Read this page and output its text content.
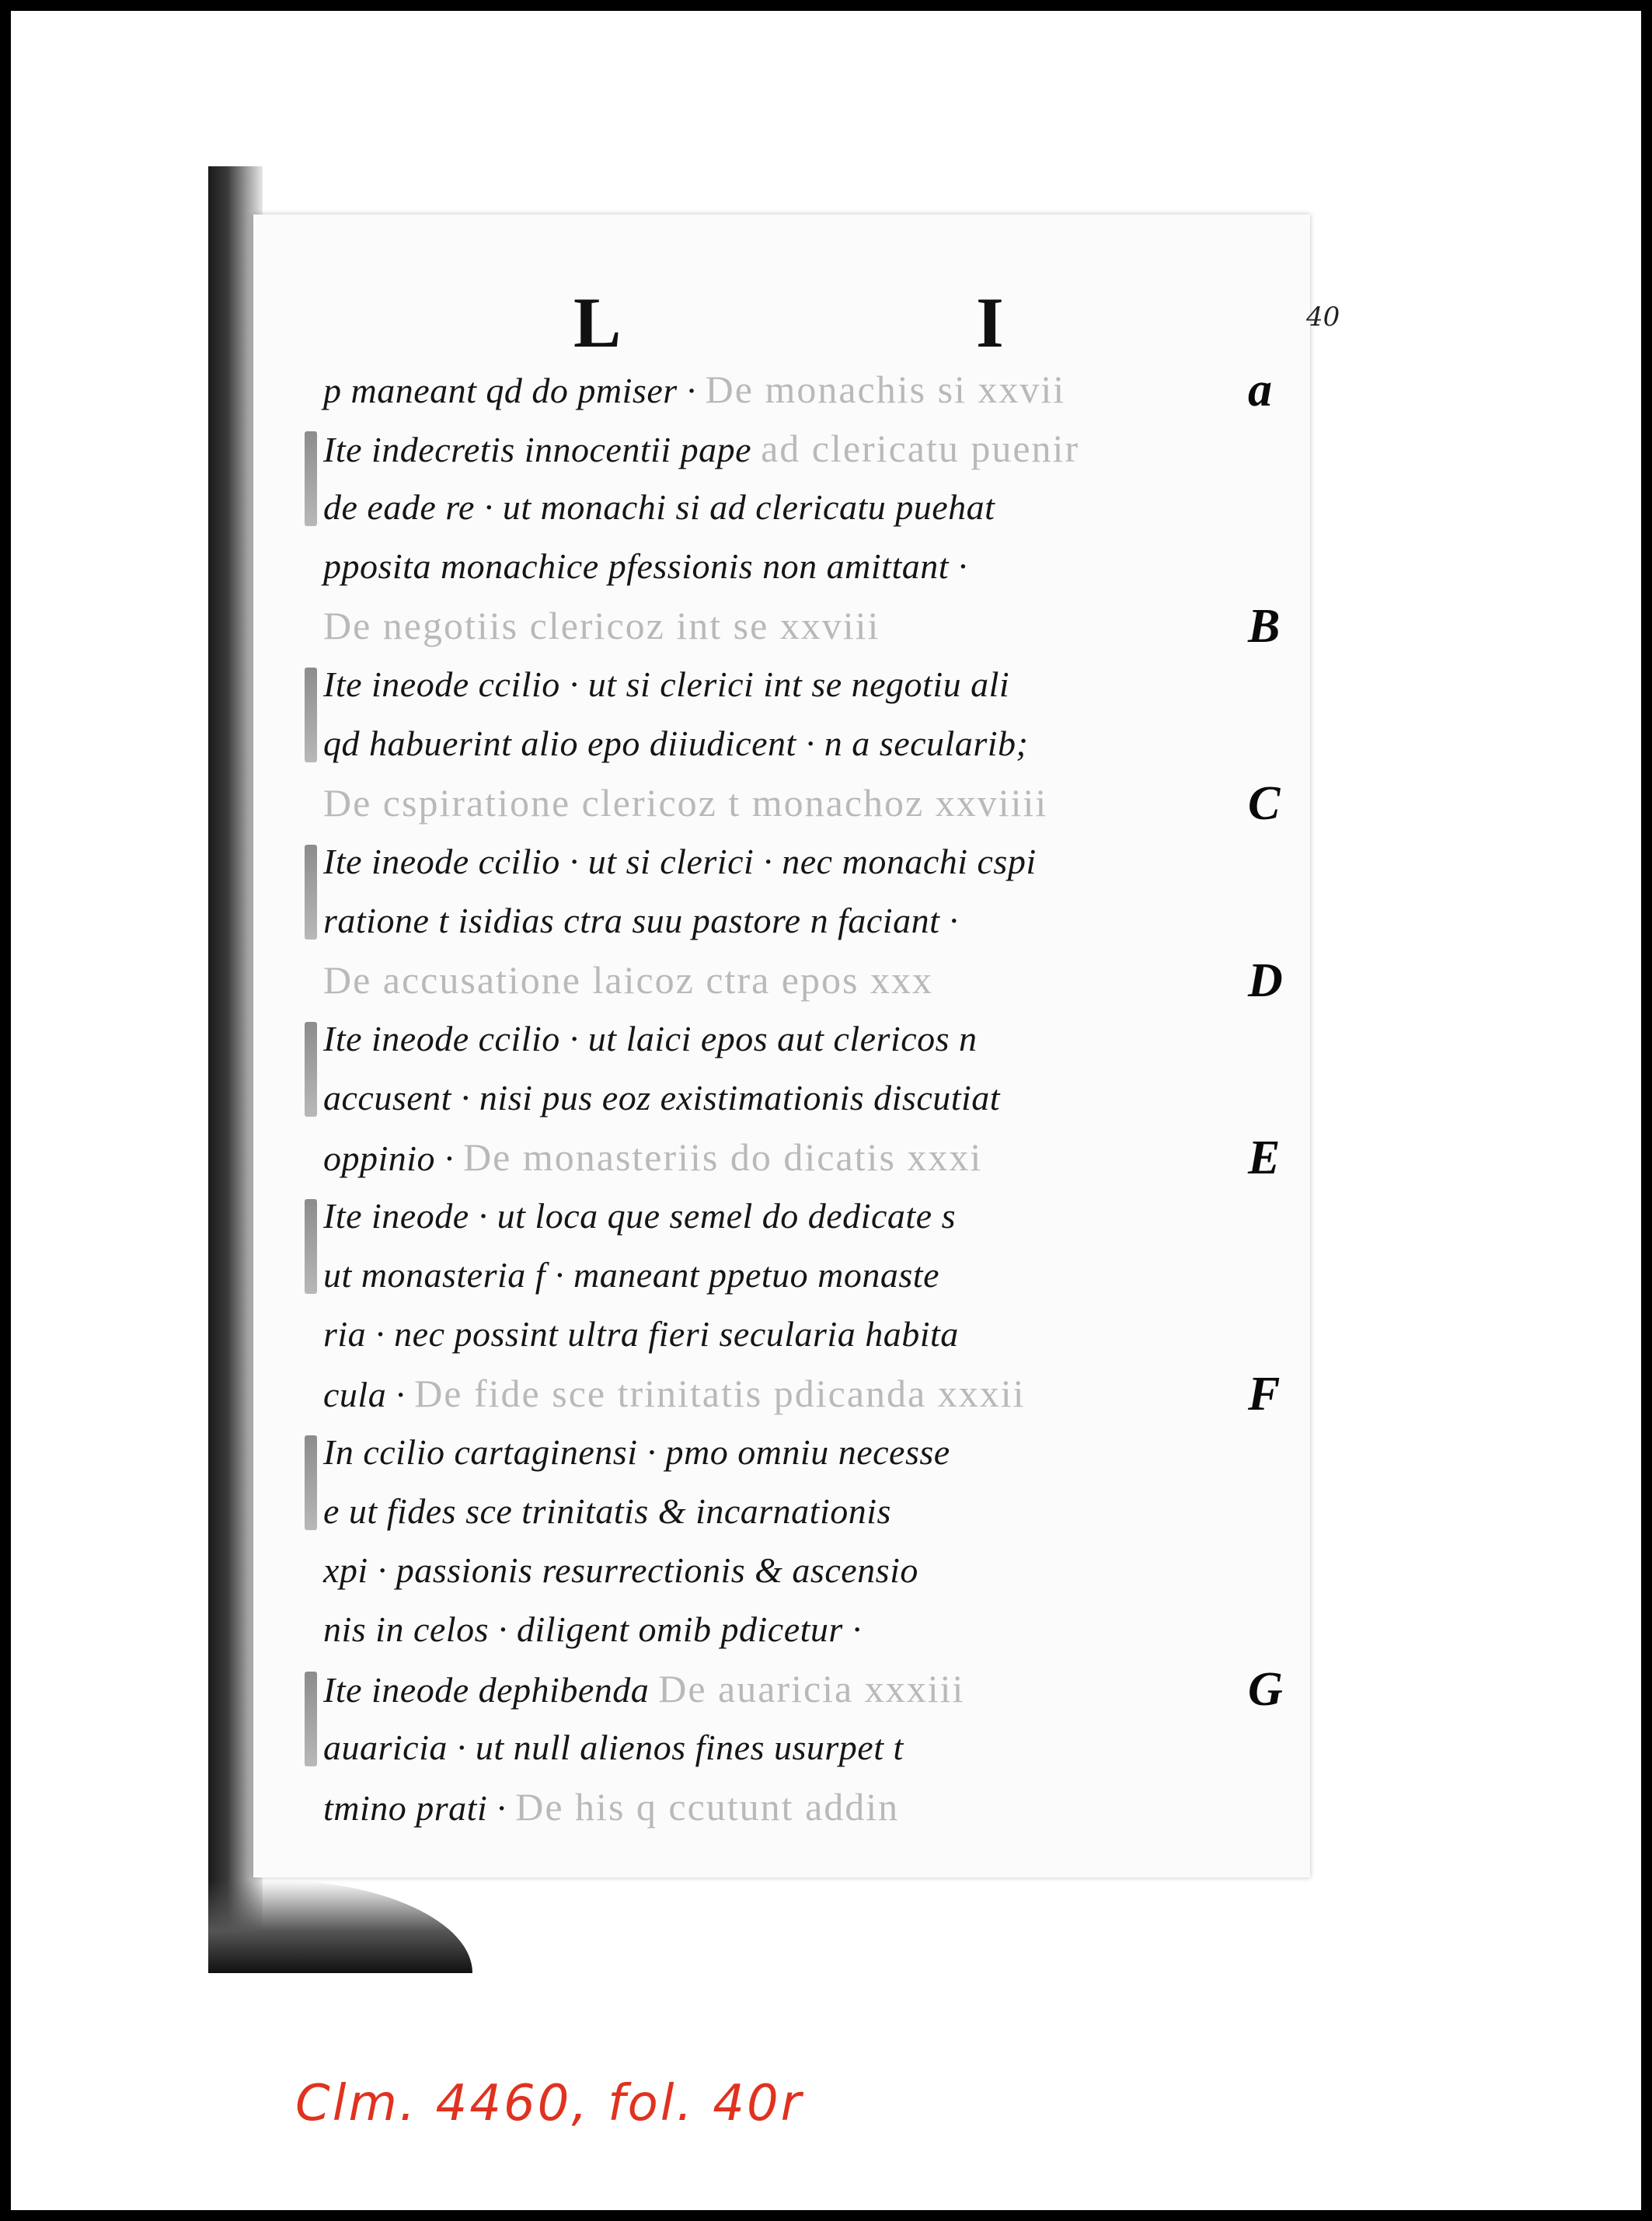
L	I	40
p maneant qd do pmiser · De monachis si xxvii
Ite indecretis innocentii pape ad clericatu puenir
de eade re · ut monachi si ad clericatu puehat
pposita monachice pfessionis non amittant ·
De negotiis clericoz int se xxviii
Ite ineode ccilio · ut si clerici int se negotiu ali
qd habuerint alio epo diiudicent · n a secularib;
De cspiratione clericoz t monachoz xxviiii
Ite ineode ccilio · ut si clerici · nec monachi cspi
ratione t isidias ctra suu pastore n faciant ·
De accusatione laicoz ctra epos xxx
Ite ineode ccilio · ut laici epos aut clericos n
accusent · nisi pus eoz existimationis discutiat
oppinio · De monasteriis do dicatis xxxi
Ite ineode · ut loca que semel do dedicate s
ut monasteria f · maneant ppetuo monaste
ria · nec possint ultra fieri secularia habita
cula · De fide sce trinitatis pdicanda xxxii
In ccilio cartaginensi · pmo omniu necesse
e ut fides sce trinitatis & incarnationis
xpi · passionis resurrectionis & ascensio
nis in celos · diligent omib pdicetur ·
Ite ineode dephibenda De auaricia xxxiii
auaricia · ut null alienos fines usurpet t
tmino prati · De his q ccutunt addin
a
B
C
D
E
F
G
Clm. 4460, fol. 40r
